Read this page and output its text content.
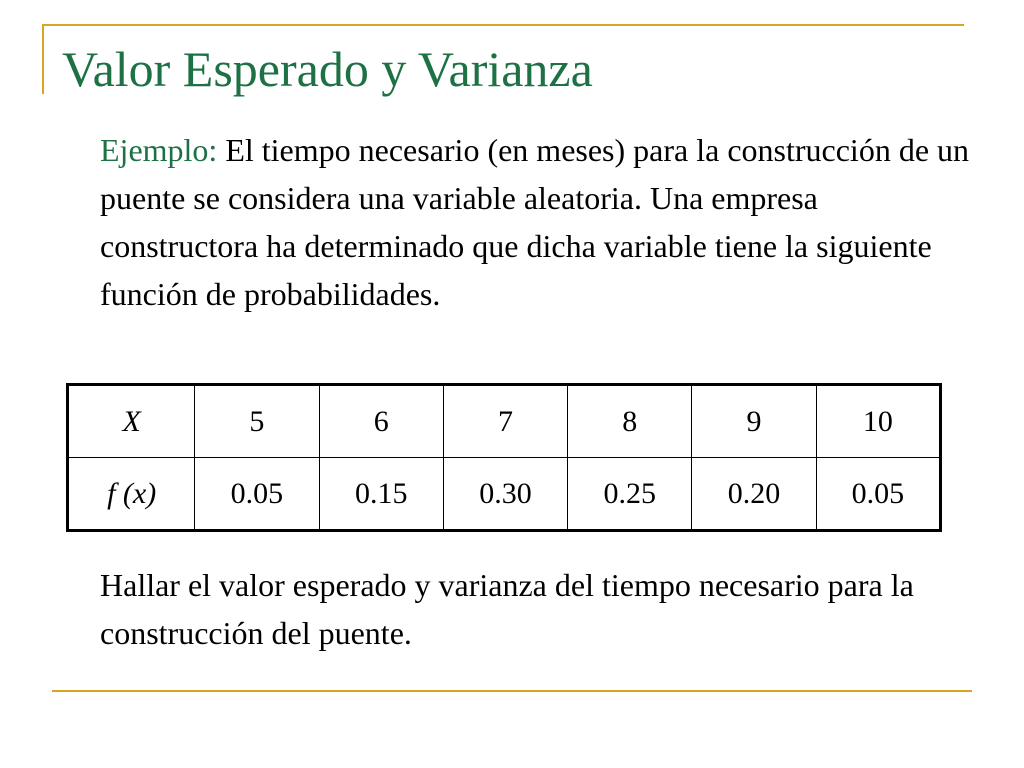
Valor Esperado y Varianza

Ejemplo: El tiempo necesario (en meses) para la construcción de un puente se considera una variable aleatoria. Una empresa constructora ha determinado que dicha variable tiene la siguiente función de probabilidades.

X	5	6	7	8	9	10
f (x)	0.05	0.15	0.30	0.25	0.20	0.05

Hallar el valor esperado y varianza del tiempo necesario para la construcción del puente.
